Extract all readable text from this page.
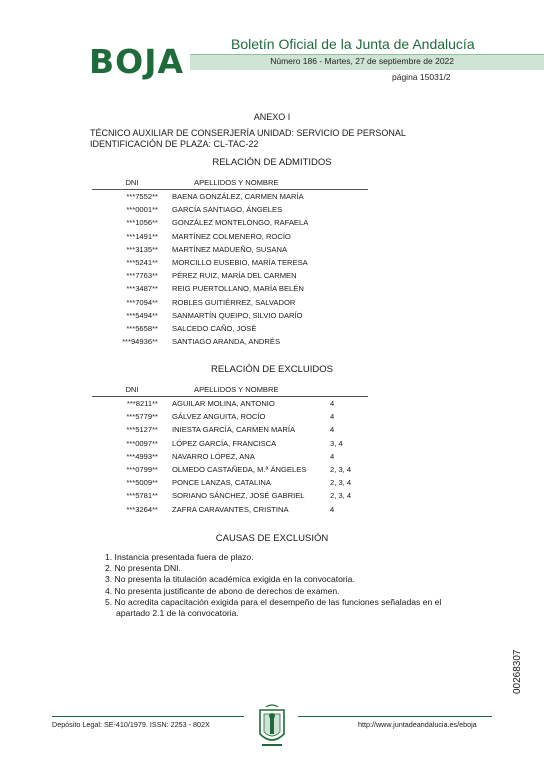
BOJA	Boletín Oficial de la Junta de Andalucía
Número 186 - Martes, 27 de septiembre de 2022
página 15031/2
ANEXO I
TÉCNICO AUXILIAR DE CONSERJERÍA UNIDAD: SERVICIO DE PERSONAL IDENTIFICACIÓN DE PLAZA: CL-TAC-22
RELACIÓN DE ADMITIDOS
DNI	APELLIDOS Y NOMBRE
***7552**	BAENA GONZÁLEZ, CARMEN MARÍA
***0001**	GARCÍA SANTIAGO, ÁNGELES
***1056**	GONZÁLEZ MONTELONGO, RAFAELA
***1491**	MARTÍNEZ COLMENERO, ROCÍO
***3135**	MARTÍNEZ MADUEÑO, SUSANA
***5241**	MORCILLO EUSEBIO, MARÍA TERESA
***7763**	PÉREZ RUIZ, MARÍA DEL CARMEN
***3487**	REIG PUERTOLLANO, MARÍA BELÉN
***7094**	ROBLES GUITIÉRREZ, SALVADOR
***5494**	SANMARTÍN QUEIPO, SILVIO DARÍO
***5658**	SALCEDO CAÑO, JOSÉ
***94936**	SANTIAGO ARANDA, ANDRÉS
RELACIÓN DE EXCLUIDOS
DNI	APELLIDOS Y NOMBRE	
***8211**	AGUILAR MOLINA, ANTONIO	4
***5779**	GÁLVEZ ANGUITA, ROCÍO	4
***5127**	INIESTA GARCÍA, CARMEN MARÍA	4
***0097**	LÓPEZ GARCÍA, FRANCISCA	3, 4
***4993**	NAVARRO LÓPEZ, ANA	4
***0799**	OLMEDO CASTAÑEDA, M.ª ÁNGELES	2, 3, 4
***5009**	PONCE LANZAS, CATALINA	2, 3, 4
***5781**	SORIANO SÁNCHEZ, JOSÉ GABRIEL	2, 3, 4
***3264**	ZAFRA CARAVANTES, CRISTINA	4
CAUSAS DE EXCLUSIÓN
1. Instancia presentada fuera de plazo.
2. No presenta DNI.
3. No presenta la titulación académica exigida en la convocatoria.
4. No presenta justificante de abono de derechos de examen.
5. No acredita capacitación exigida para el desempeño de las funciones señaladas en el apartado 2.1 de la convocatoria.
00268307
Depósito Legal: SE-410/1979. ISSN: 2253 - 802X	http://www.juntadeandalucia.es/eboja
